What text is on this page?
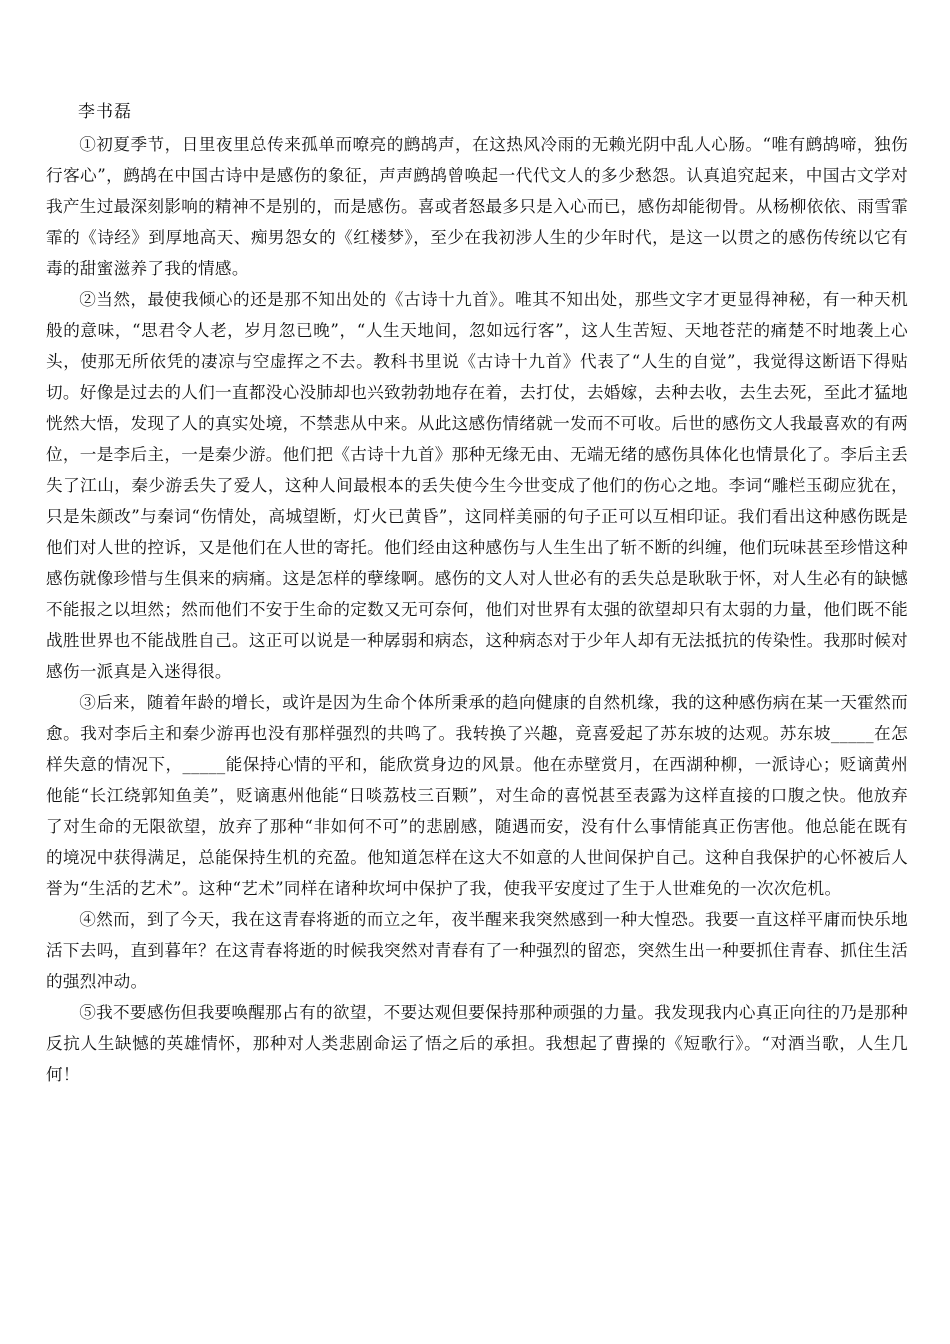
李书磊

①初夏季节，日里夜里总传来孤单而嘹亮的鹧鸪声，在这热风冷雨的无赖光阴中乱人心肠。“唯有鹧鸪啼，独伤行客心”，鹧鸪在中国古诗中是感伤的象征，声声鹧鸪曾唤起一代代文人的多少愁怨。认真追究起来，中国古文学对我产生过最深刻影响的精神不是别的，而是感伤。喜或者怒最多只是入心而已，感伤却能彻骨。从杨柳依依、雨雪霏霏的《诗经》到厚地高天、痴男怨女的《红楼梦》，至少在我初涉人生的少年时代，是这一以贯之的感伤传统以它有毒的甜蜜滋养了我的情感。

②当然，最使我倾心的还是那不知出处的《古诗十九首》。唯其不知出处，那些文字才更显得神秘，有一种天机般的意味，“思君令人老，岁月忽已晚”，“人生天地间，忽如远行客”，这人生苦短、天地苍茫的痛楚不时地袭上心头，使那无所依凭的凄凉与空虚挥之不去。教科书里说《古诗十九首》代表了“人生的自觉”，我觉得这断语下得贴切。好像是过去的人们一直都没心没肺却也兴致勃勃地存在着，去打仗，去婚嫁，去种去收，去生去死，至此才猛地恍然大悟，发现了人的真实处境，不禁悲从中来。从此这感伤情绪就一发而不可收。后世的感伤文人我最喜欢的有两位，一是李后主，一是秦少游。他们把《古诗十九首》那种无缘无由、无端无绪的感伤具体化也情景化了。李后主丢失了江山，秦少游丢失了爱人，这种人间最根本的丢失使今生今世变成了他们的伤心之地。李词“雕栏玉砌应犹在，只是朱颜改”与秦词“伤情处，高城望断，灯火已黄昏”，这同样美丽的句子正可以互相印证。我们看出这种感伤既是他们对人世的控诉，又是他们在人世的寄托。他们经由这种感伤与人生生出了斩不断的纠缠，他们玩味甚至珍惜这种感伤就像珍惜与生俱来的病痛。这是怎样的孽缘啊。感伤的文人对人世必有的丢失总是耿耿于怀，对人生必有的缺憾不能报之以坦然；然而他们不安于生命的定数又无可奈何，他们对世界有太强的欲望却只有太弱的力量，他们既不能战胜世界也不能战胜自己。这正可以说是一种孱弱和病态，这种病态对于少年人却有无法抵抗的传染性。我那时候对感伤一派真是入迷得很。

③后来，随着年龄的增长，或许是因为生命个体所秉承的趋向健康的自然机缘，我的这种感伤病在某一天霍然而愈。我对李后主和秦少游再也没有那样强烈的共鸣了。我转换了兴趣，竟喜爱起了苏东坡的达观。苏东坡_____在怎样失意的情况下，_____能保持心情的平和，能欣赏身边的风景。他在赤壁赏月，在西湖种柳，一派诗心；贬谪黄州他能“长江绕郭知鱼美”，贬谪惠州他能“日啖荔枝三百颗”，对生命的喜悦甚至表露为这样直接的口腹之快。他放弃了对生命的无限欲望，放弃了那种“非如何不可”的悲剧感，随遇而安，没有什么事情能真正伤害他。他总能在既有的境况中获得满足，总能保持生机的充盈。他知道怎样在这大不如意的人世间保护自己。这种自我保护的心怀被后人誉为“生活的艺术”。这种“艺术”同样在诸种坎坷中保护了我，使我平安度过了生于人世难免的一次次危机。

④然而，到了今天，我在这青春将逝的而立之年，夜半醒来我突然感到一种大惶恐。我要一直这样平庸而快乐地活下去吗，直到暮年？在这青春将逝的时候我突然对青春有了一种强烈的留恋，突然生出一种要抓住青春、抓住生活的强烈冲动。

⑤我不要感伤但我要唤醒那占有的欲望，不要达观但要保持那种顽强的力量。我发现我内心真正向往的乃是那种反抗人生缺憾的英雄情怀，那种对人类悲剧命运了悟之后的承担。我想起了曹操的《短歌行》。“对酒当歌，人生几何！
